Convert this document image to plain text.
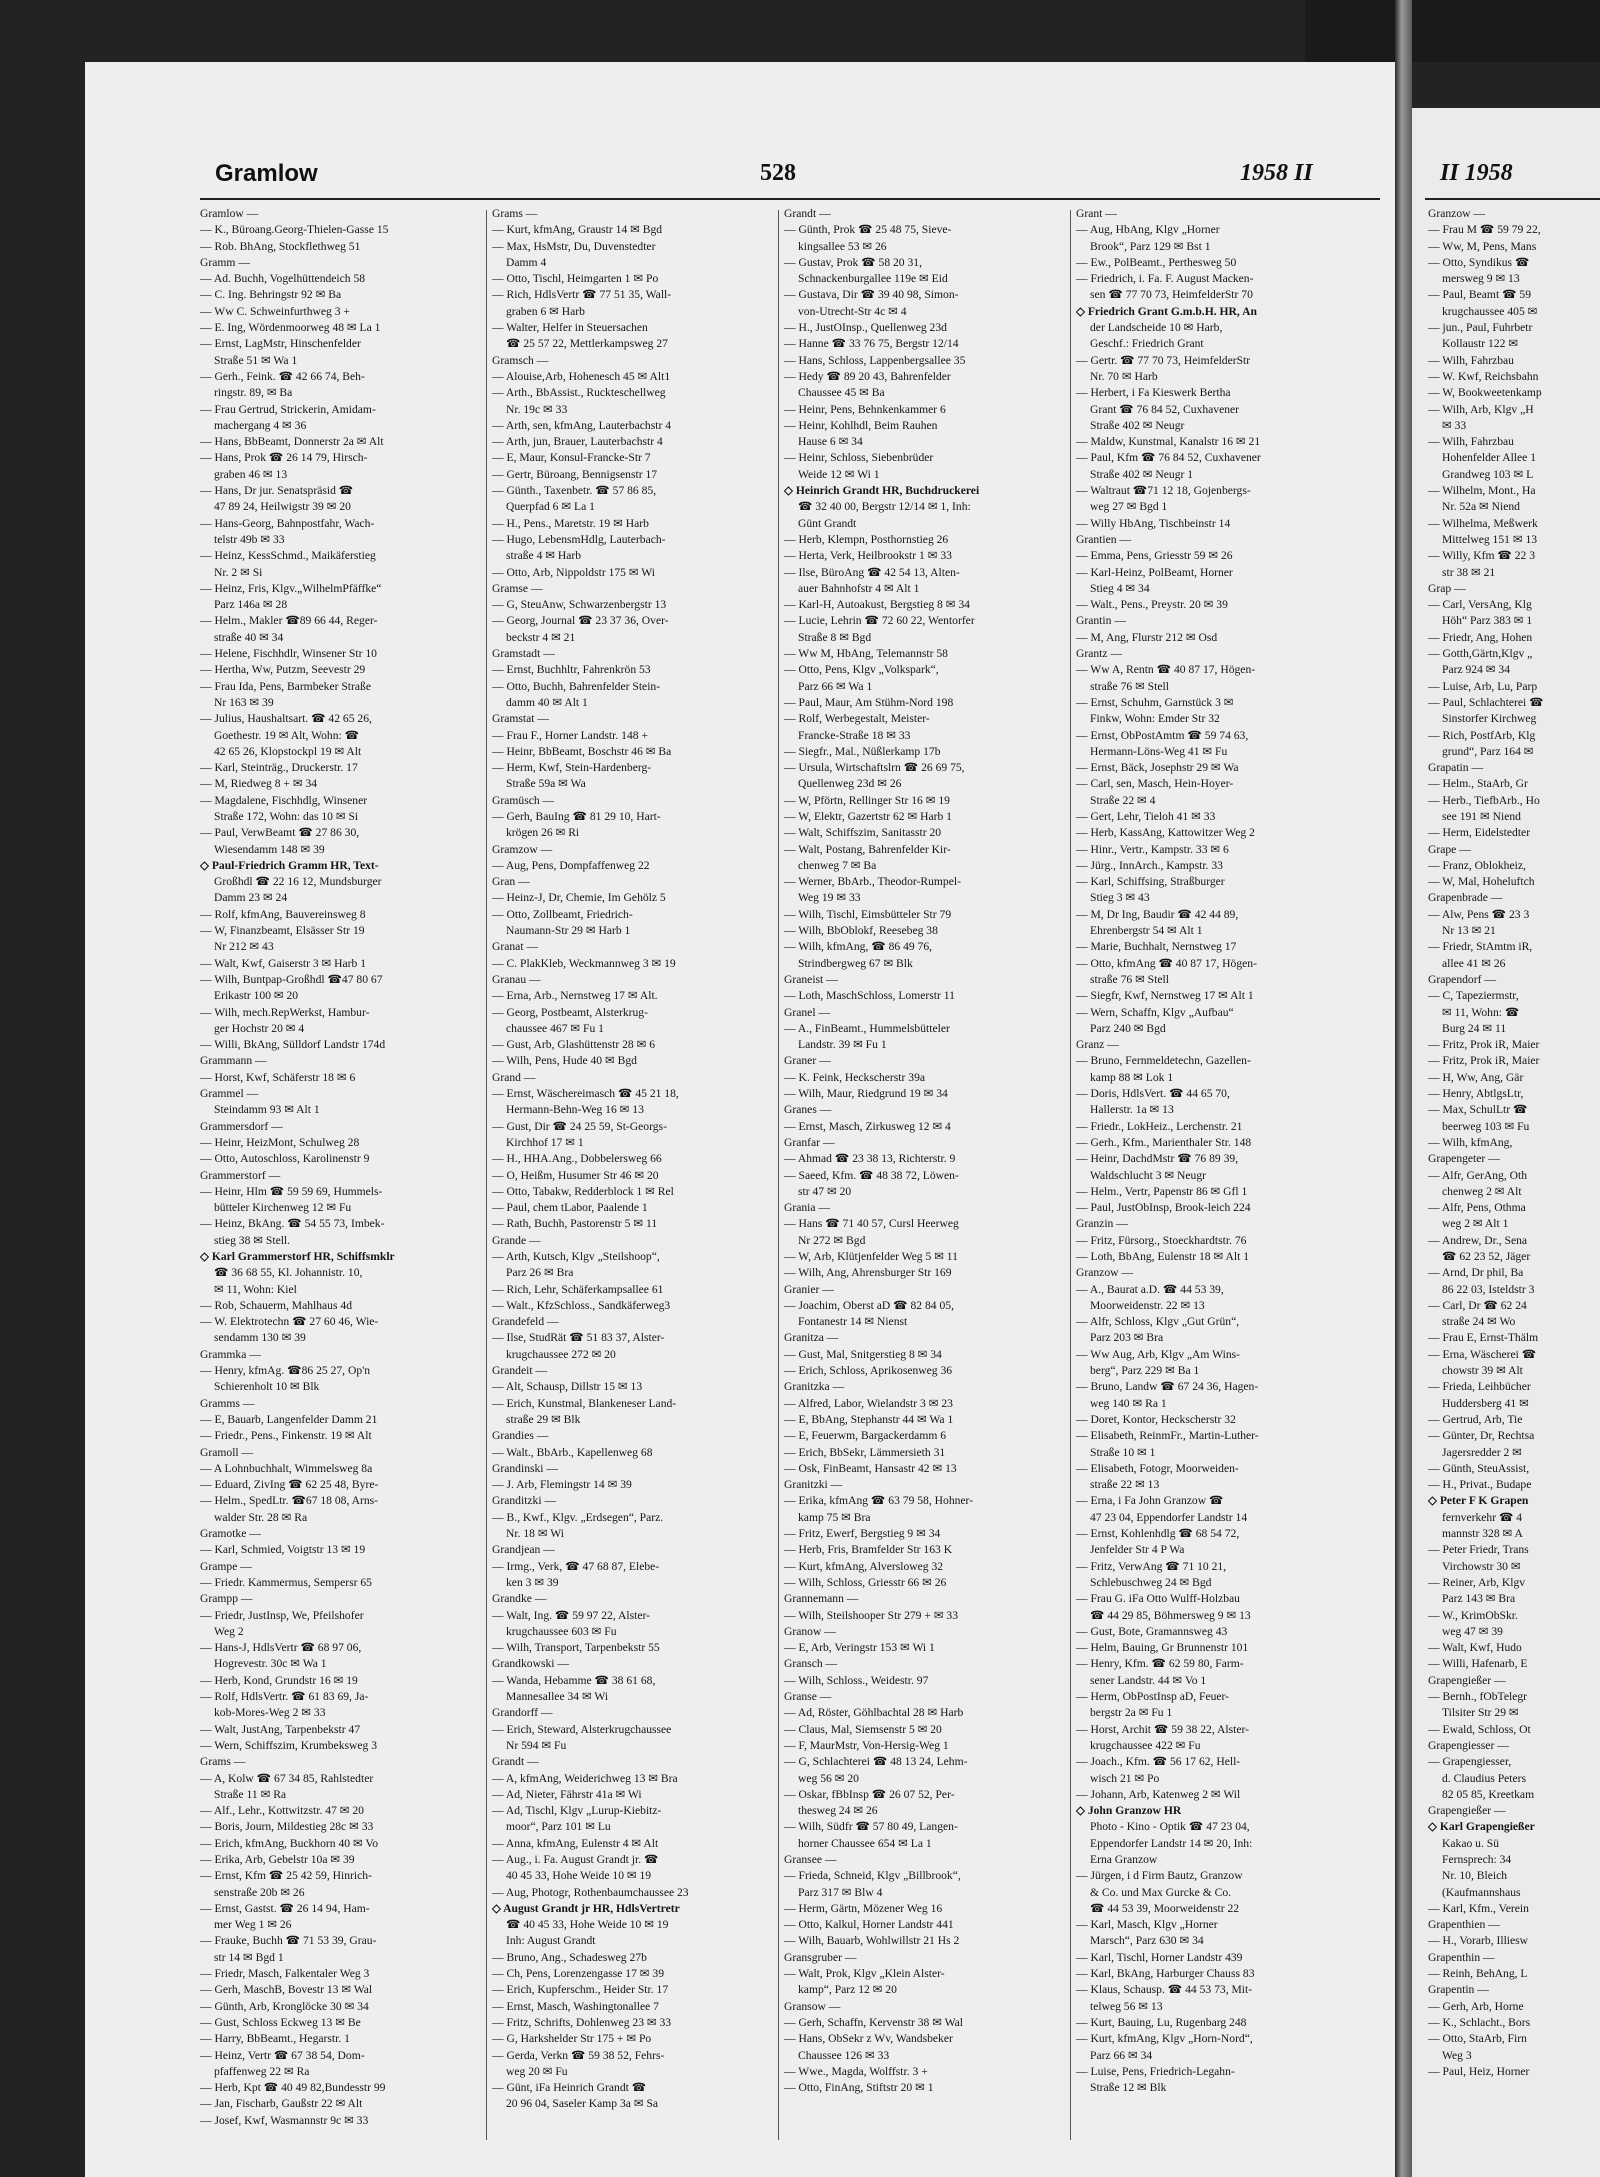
Gramlow	528	1958 II	II 1958
Gramlow —
— K., Büroang.Georg-Thielen-Gasse 15
— Rob. BhAng, Stockflethweg 51
Gramm —
— Ad. Buchh, Vogelhüttendeich 58
— C. Ing. Behringstr 92 ✉ Ba
— Ww C. Schweinfurthweg 3 +
— E. Ing, Wördenmoorweg 48 ✉ La 1
— Ernst, LagMstr, Hinschenfelder
Straße 51 ✉ Wa 1
— Gerh., Feink. ☎ 42 66 74, Beh-
ringstr. 89, ✉ Ba
— Frau Gertrud, Strickerin, Amidam-
machergang 4 ✉ 36
— Hans, BbBeamt, Donnerstr 2a ✉ Alt
— Hans, Prok ☎ 26 14 79, Hirsch-
graben 46 ✉ 13
— Hans, Dr jur. Senatspräsid ☎
47 89 24, Heilwigstr 39 ✉ 20
— Hans-Georg, Bahnpostfahr, Wach-
telstr 49b ✉ 33
— Heinz, KessSchmd., Maikäferstieg
Nr. 2 ✉ Si
— Heinz, Fris, Klgv.„WilhelmPfäffke“
Parz 146a ✉ 28
— Helm., Makler ☎89 66 44, Reger-
straße 40 ✉ 34
— Helene, Fischhdlr, Winsener Str 10
— Hertha, Ww, Putzm, Seevestr 29
— Frau Ida, Pens, Barmbeker Straße
Nr 163 ✉ 39
— Julius, Haushaltsart. ☎ 42 65 26,
Goethestr. 19 ✉ Alt, Wohn: ☎
42 65 26, Klopstockpl 19 ✉ Alt
— Karl, Steinträg., Druckerstr. 17
— M, Riedweg 8 + ✉ 34
— Magdalene, Fischhdlg, Winsener
Straße 172, Wohn: das 10 ✉ Si
— Paul, VerwBeamt ☎ 27 86 30,
Wiesendamm 148 ✉ 39
◇ Paul-Friedrich Gramm HR, Text-
Großhdl ☎ 22 16 12, Mundsburger
Damm 23 ✉ 24
— Rolf, kfmAng, Bauvereinsweg 8
— W, Finanzbeamt, Elsässer Str 19
Nr 212 ✉ 43
— Walt, Kwf, Gaiserstr 3 ✉ Harb 1
— Wilh, Buntpap-Großhdl ☎47 80 67
Erikastr 100 ✉ 20
— Wilh, mech.RepWerkst, Hambur-
ger Hochstr 20 ✉ 4
— Willi, BkAng, Sülldorf Landstr 174d
Grammann —
— Horst, Kwf, Schäferstr 18 ✉ 6
Grammel —
Steindamm 93 ✉ Alt 1
Grammersdorf —
— Heinr, HeizMont, Schulweg 28
— Otto, Autoschloss, Karolinenstr 9
Grammerstorf —
— Heinr, Hlm ☎ 59 59 69, Hummels-
bütteler Kirchenweg 12 ✉ Fu
— Heinz, BkAng. ☎ 54 55 73, Imbek-
stieg 38 ✉ Stell.
◇ Karl Grammerstorf HR, Schiffsmklr
☎ 36 68 55, Kl. Johannistr. 10,
✉ 11, Wohn: Kiel
— Rob, Schauerm, Mahlhaus 4d
— W. Elektrotechn ☎ 27 60 46, Wie-
sendamm 130 ✉ 39
Grammka —
— Henry, kfmAg. ☎86 25 27, Op'n
Schierenholt 10 ✉ Blk
Gramms —
— E, Bauarb, Langenfelder Damm 21
— Friedr., Pens., Finkenstr. 19 ✉ Alt
Gramoll —
— A Lohnbuchhalt, Wimmelsweg 8a
— Eduard, ZivIng ☎ 62 25 48, Byre-
— Helm., SpedLtr. ☎67 18 08, Arns-
walder Str. 28 ✉ Ra
Gramotke —
— Karl, Schmied, Voigtstr 13 ✉ 19
Grampe —
— Friedr. Kammermus, Sempersr 65
Grampp —
— Friedr, JustInsp, We, Pfeilshofer
Weg 2
— Hans-J, HdlsVertr ☎ 68 97 06,
Hogrevestr. 30c ✉ Wa 1
— Herb, Kond, Grundstr 16 ✉ 19
— Rolf, HdlsVertr. ☎ 61 83 69, Ja-
kob-Mores-Weg 2 ✉ 33
— Walt, JustAng, Tarpenbekstr 47
— Wern, Schiffszim, Krumbeksweg 3
Grams —
— A, Kolw ☎ 67 34 85, Rahlstedter
Straße 11 ✉ Ra
— Alf., Lehr., Kottwitzstr. 47 ✉ 20
— Boris, Journ, Mildestieg 28c ✉ 33
— Erich, kfmAng, Buckhorn 40 ✉ Vo
— Erika, Arb, Gebelstr 10a ✉ 39
— Ernst, Kfm ☎ 25 42 59, Hinrich-
senstraße 20b ✉ 26
— Ernst, Gastst. ☎ 26 14 94, Ham-
mer Weg 1 ✉ 26
— Frauke, Buchh ☎ 71 53 39, Grau-
str 14 ✉ Bgd 1
— Friedr, Masch, Falkentaler Weg 3
— Gerh, MaschB, Bovestr 13 ✉ Wal
— Günth, Arb, Kronglöcke 30 ✉ 34
— Gust, Schloss Eckweg 13 ✉ Be
— Harry, BbBeamt., Hegarstr. 1
— Heinz, Vertr ☎ 67 38 54, Dom-
pfaffenweg 22 ✉ Ra
— Herb, Kpt ☎ 40 49 82,Bundesstr 99
— Jan, Fischarb, Gaußstr 22 ✉ Alt
— Josef, Kwf, Wasmannstr 9c ✉ 33
Grams —
— Kurt, kfmAng, Graustr 14 ✉ Bgd
— Max, HsMstr, Du, Duvenstedter
Damm 4
— Otto, Tischl, Heimgarten 1 ✉ Po
— Rich, HdlsVertr ☎ 77 51 35, Wall-
graben 6 ✉ Harb
— Walter, Helfer in Steuersachen
☎ 25 57 22, Mettlerkampsweg 27
Gramsch —
— Alouise,Arb, Hohenesch 45 ✉ Alt1
— Arth., BbAssist., Ruckteschellweg
Nr. 19c ✉ 33
— Arth, sen, kfmAng, Lauterbachstr 4
— Arth, jun, Brauer, Lauterbachstr 4
— E, Maur, Konsul-Francke-Str 7
— Gertr, Büroang, Bennigsenstr 17
— Günth., Taxenbetr. ☎ 57 86 85,
Querpfad 6 ✉ La 1
— H., Pens., Maretstr. 19 ✉ Harb
— Hugo, LebensmHdlg, Lauterbach-
straße 4 ✉ Harb
— Otto, Arb, Nippoldstr 175 ✉ Wi
Gramse —
— G, SteuAnw, Schwarzenbergstr 13
— Georg, Journal ☎ 23 37 36, Over-
beckstr 4 ✉ 21
Gramstadt —
— Ernst, Buchhltr, Fahrenkrön 53
— Otto, Buchh, Bahrenfelder Stein-
damm 40 ✉ Alt 1
Gramstat —
— Frau F., Horner Landstr. 148 +
— Heinr, BbBeamt, Boschstr 46 ✉ Ba
— Herm, Kwf, Stein-Hardenberg-
Straße 59a ✉ Wa
Gramüsch —
— Gerh, BauIng ☎ 81 29 10, Hart-
krögen 26 ✉ Ri
Gramzow —
— Aug, Pens, Dompfaffenweg 22
Gran —
— Heinz-J, Dr, Chemie, Im Gehölz 5
— Otto, Zollbeamt, Friedrich-
Naumann-Str 29 ✉ Harb 1
Granat —
— C. PlakKleb, Weckmannweg 3 ✉ 19
Granau —
— Erna, Arb., Nernstweg 17 ✉ Alt.
— Georg, Postbeamt, Alsterkrug-
chaussee 467 ✉ Fu 1
— Gust, Arb, Glashüttenstr 28 ✉ 6
— Wilh, Pens, Hude 40 ✉ Bgd
Grand —
— Ernst, Wäschereimasch ☎ 45 21 18,
Hermann-Behn-Weg 16 ✉ 13
— Gust, Dir ☎ 24 25 59, St-Georgs-
Kirchhof 17 ✉ 1
— H., HHA.Ang., Dobbelersweg 66
— O, Heißm, Husumer Str 46 ✉ 20
— Otto, Tabakw, Redderblock 1 ✉ Rel
— Paul, chem tLabor, Paalende 1
— Rath, Buchh, Pastorenstr 5 ✉ 11
Grande —
— Arth, Kutsch, Klgv „Steilshoop“,
Parz 26 ✉ Bra
— Rich, Lehr, Schäferkampsallee 61
— Walt., KfzSchloss., Sandkäferweg3
Grandefeld —
— Ilse, StudRät ☎ 51 83 37, Alster-
krugchaussee 272 ✉ 20
Grandeit —
— Alt, Schausp, Dillstr 15 ✉ 13
— Erich, Kunstmal, Blankeneser Land-
straße 29 ✉ Blk
Grandies —
— Walt., BbArb., Kapellenweg 68
Grandinski —
— J. Arb, Flemingstr 14 ✉ 39
Granditzki —
— B., Kwf., Klgv. „Erdsegen“, Parz.
Nr. 18 ✉ Wi
Grandjean —
— Irmg., Verk, ☎ 47 68 87, Elebe-
ken 3 ✉ 39
Grandke —
— Walt, Ing. ☎ 59 97 22, Alster-
krugchaussee 603 ✉ Fu
— Wilh, Transport, Tarpenbekstr 55
Grandkowski —
— Wanda, Hebamme ☎ 38 61 68,
Mannesallee 34 ✉ Wi
Grandorff —
— Erich, Steward, Alsterkrugchaussee
Nr 594 ✉ Fu
Grandt —
— A, kfmAng, Weiderichweg 13 ✉ Bra
— Ad, Nieter, Fährstr 41a ✉ Wi
— Ad, Tischl, Klgv „Lurup-Kiebitz-
moor“, Parz 101 ✉ Lu
— Anna, kfmAng, Eulenstr 4 ✉ Alt
— Aug., i. Fa. August Grandt jr. ☎
40 45 33, Hohe Weide 10 ✉ 19
— Aug, Photogr, Rothenbaumchaussee 23
◇ August Grandt jr HR, HdlsVertretr
☎ 40 45 33, Hohe Weide 10 ✉ 19
Inh: August Grandt
— Bruno, Ang., Schadesweg 27b
— Ch, Pens, Lorenzengasse 17 ✉ 39
— Erich, Kupferschm., Heider Str. 17
— Ernst, Masch, Washingtonallee 7
— Fritz, Schrifts, Dohlenweg 23 ✉ 33
— G, Harkshelder Str 175 + ✉ Po
— Gerda, Verkn ☎ 59 38 52, Fehrs-
weg 20 ✉ Fu
— Günt, iFa Heinrich Grandt ☎
20 96 04, Saseler Kamp 3a ✉ Sa
Grandt —
— Günth, Prok ☎ 25 48 75, Sieve-
kingsallee 53 ✉ 26
— Gustav, Prok ☎ 58 20 31,
Schnackenburgallee 119e ✉ Eid
— Gustava, Dir ☎ 39 40 98, Simon-
von-Utrecht-Str 4c ✉ 4
— H., JustOInsp., Quellenweg 23d
— Hanne ☎ 33 76 75, Bergstr 12/14
— Hans, Schloss, Lappenbergsallee 35
— Hedy ☎ 89 20 43, Bahrenfelder
Chaussee 45 ✉ Ba
— Heinr, Pens, Behnkenkammer 6
— Heinr, Kohlhdl, Beim Rauhen
Hause 6 ✉ 34
— Heinr, Schloss, Siebenbrüder
Weide 12 ✉ Wi 1
◇ Heinrich Grandt HR, Buchdruckerei
☎ 32 40 00, Bergstr 12/14 ✉ 1, Inh:
Günt Grandt
— Herb, Klempn, Posthornstieg 26
— Herta, Verk, Heilbrookstr 1 ✉ 33
— Ilse, BüroAng ☎ 42 54 13, Alten-
auer Bahnhofstr 4 ✉ Alt 1
— Karl-H, Autoakust, Bergstieg 8 ✉ 34
— Lucie, Lehrin ☎ 72 60 22, Wentorfer
Straße 8 ✉ Bgd
— Ww M, HbAng, Telemannstr 58
— Otto, Pens, Klgv „Volkspark“,
Parz 66 ✉ Wa 1
— Paul, Maur, Am Stühm-Nord 198
— Rolf, Werbegestalt, Meister-
Francke-Straße 18 ✉ 33
— Siegfr., Mal., Nüßlerkamp 17b
— Ursula, Wirtschaftslrn ☎ 26 69 75,
Quellenweg 23d ✉ 26
— W, Pförtn, Rellinger Str 16 ✉ 19
— W, Elektr, Gazertstr 62 ✉ Harb 1
— Walt, Schiffszim, Sanitasstr 20
— Walt, Postang, Bahrenfelder Kir-
chenweg 7 ✉ Ba
— Werner, BbArb., Theodor-Rumpel-
Weg 19 ✉ 33
— Wilh, Tischl, Eimsbütteler Str 79
— Wilh, BbOblokf, Reesebeg 38
— Wilh, kfmAng, ☎ 86 49 76,
Strindbergweg 67 ✉ Blk
Graneist —
— Loth, MaschSchloss, Lomerstr 11
Granel —
— A., FinBeamt., Hummelsbütteler
Landstr. 39 ✉ Fu 1
Graner —
— K. Feink, Heckscherstr 39a
— Wilh, Maur, Riedgrund 19 ✉ 34
Granes —
— Ernst, Masch, Zirkusweg 12 ✉ 4
Granfar —
— Ahmad ☎ 23 38 13, Richterstr. 9
— Saeed, Kfm. ☎ 48 38 72, Löwen-
str 47 ✉ 20
Grania —
— Hans ☎ 71 40 57, Cursl Heerweg
Nr 272 ✉ Bgd
— W, Arb, Klütjenfelder Weg 5 ✉ 11
— Wilh, Ang, Ahrensburger Str 169
Granier —
— Joachim, Oberst aD ☎ 82 84 05,
Fontanestr 14 ✉ Nienst
Granitza —
— Gust, Mal, Snitgerstieg 8 ✉ 34
— Erich, Schloss, Aprikosenweg 36
Granitzka —
— Alfred, Labor, Wielandstr 3 ✉ 23
— E, BbAng, Stephanstr 44 ✉ Wa 1
— E, Feuerwm, Bargackerdamm 6
— Erich, BbSekr, Lämmersieth 31
— Osk, FinBeamt, Hansastr 42 ✉ 13
Granitzki —
— Erika, kfmAng ☎ 63 79 58, Hohner-
kamp 75 ✉ Bra
— Fritz, Ewerf, Bergstieg 9 ✉ 34
— Herb, Fris, Bramfelder Str 163 K
— Kurt, kfmAng, Alversloweg 32
— Wilh, Schloss, Griesstr 66 ✉ 26
Grannemann —
— Wilh, Steilshooper Str 279 + ✉ 33
Granow —
— E, Arb, Veringstr 153 ✉ Wi 1
Gransch —
— Wilh, Schloss., Weidestr. 97
Granse —
— Ad, Röster, Göhlbachtal 28 ✉ Harb
— Claus, Mal, Siemsenstr 5 ✉ 20
— F, MaurMstr, Von-Hersig-Weg 1
— G, Schlachterei ☎ 48 13 24, Lehm-
weg 56 ✉ 20
— Oskar, fBbInsp ☎ 26 07 52, Per-
thesweg 24 ✉ 26
— Wilh, Südfr ☎ 57 80 49, Langen-
horner Chaussee 654 ✉ La 1
Gransee —
— Frieda, Schneid, Klgv „Billbrook“,
Parz 317 ✉ Blw 4
— Herm, Gärtn, Mözener Weg 16
— Otto, Kalkul, Horner Landstr 441
— Wilh, Bauarb, Wohlwillstr 21 Hs 2
Gransgruber —
— Walt, Prok, Klgv „Klein Alster-
kamp“, Parz 12 ✉ 20
Gransow —
— Gerh, Schaffn, Kervenstr 38 ✉ Wal
— Hans, ObSekr z Wv, Wandsbeker
Chaussee 126 ✉ 33
— Wwe., Magda, Wolffstr. 3 +
— Otto, FinAng, Stiftstr 20 ✉ 1
Grant —
— Aug, HbAng, Klgv „Horner
Brook“, Parz 129 ✉ Bst 1
— Ew., PolBeamt., Perthesweg 50
— Friedrich, i. Fa. F. August Macken-
sen ☎ 77 70 73, HeimfelderStr 70
◇ Friedrich Grant G.m.b.H. HR, An
der Landscheide 10 ✉ Harb,
Geschf.: Friedrich Grant
— Gertr. ☎ 77 70 73, HeimfelderStr
Nr. 70 ✉ Harb
— Herbert, i Fa Kieswerk Bertha
Grant ☎ 76 84 52, Cuxhavener
Straße 402 ✉ Neugr
— Maldw, Kunstmal, Kanalstr 16 ✉ 21
— Paul, Kfm ☎ 76 84 52, Cuxhavener
Straße 402 ✉ Neugr 1
— Waltraut ☎71 12 18, Gojenbergs-
weg 27 ✉ Bgd 1
— Willy HbAng, Tischbeinstr 14
Grantien —
— Emma, Pens, Griesstr 59 ✉ 26
— Karl-Heinz, PolBeamt, Horner
Stieg 4 ✉ 34
— Walt., Pens., Preystr. 20 ✉ 39
Grantin —
— M, Ang, Flurstr 212 ✉ Osd
Grantz —
— Ww A, Rentn ☎ 40 87 17, Högen-
straße 76 ✉ Stell
— Ernst, Schuhm, Garnstück 3 ✉
Finkw, Wohn: Emder Str 32
— Ernst, ObPostAmtm ☎ 59 74 63,
Hermann-Löns-Weg 41 ✉ Fu
— Ernst, Bäck, Josephstr 29 ✉ Wa
— Carl, sen, Masch, Hein-Hoyer-
Straße 22 ✉ 4
— Gert, Lehr, Tieloh 41 ✉ 33
— Herb, KassAng, Kattowitzer Weg 2
— Hinr., Vertr., Kampstr. 33 ✉ 6
— Jürg., InnArch., Kampstr. 33
— Karl, Schiffsing, Straßburger
Stieg 3 ✉ 43
— M, Dr Ing, Baudir ☎ 42 44 89,
Ehrenbergstr 54 ✉ Alt 1
— Marie, Buchhalt, Nernstweg 17
— Otto, kfmAng ☎ 40 87 17, Högen-
straße 76 ✉ Stell
— Siegfr, Kwf, Nernstweg 17 ✉ Alt 1
— Wern, Schaffn, Klgv „Aufbau“
Parz 240 ✉ Bgd
Granz —
— Bruno, Fernmeldetechn, Gazellen-
kamp 88 ✉ Lok 1
— Doris, HdlsVert. ☎ 44 65 70,
Hallerstr. 1a ✉ 13
— Friedr., LokHeiz., Lerchenstr. 21
— Gerh., Kfm., Marienthaler Str. 148
— Heinr, DachdMstr ☎ 76 89 39,
Waldschlucht 3 ✉ Neugr
— Helm., Vertr, Papenstr 86 ✉ Gfl 1
— Paul, JustObInsp, Brook-leich 224
Granzin —
— Fritz, Fürsorg., Stoeckhardtstr. 76
— Loth, BbAng, Eulenstr 18 ✉ Alt 1
Granzow —
— A., Baurat a.D. ☎ 44 53 39,
Moorweidenstr. 22 ✉ 13
— Alfr, Schloss, Klgv „Gut Grün“,
Parz 203 ✉ Bra
— Ww Aug, Arb, Klgv „Am Wins-
berg“, Parz 229 ✉ Ba 1
— Bruno, Landw ☎ 67 24 36, Hagen-
weg 140 ✉ Ra 1
— Doret, Kontor, Heckscherstr 32
— Elisabeth, ReinmFr., Martin-Luther-
Straße 10 ✉ 1
— Elisabeth, Fotogr, Moorweiden-
straße 22 ✉ 13
— Erna, i Fa John Granzow ☎
47 23 04, Eppendorfer Landstr 14
— Ernst, Kohlenhdlg ☎ 68 54 72,
Jenfelder Str 4 P Wa
— Fritz, VerwAng ☎ 71 10 21,
Schlebuschweg 24 ✉ Bgd
— Frau G. iFa Otto Wulff-Holzbau
☎ 44 29 85, Böhmersweg 9 ✉ 13
— Gust, Bote, Gramannsweg 43
— Helm, Bauing, Gr Brunnenstr 101
— Henry, Kfm. ☎ 62 59 80, Farm-
sener Landstr. 44 ✉ Vo 1
— Herm, ObPostInsp aD, Feuer-
bergstr 2a ✉ Fu 1
— Horst, Archit ☎ 59 38 22, Alster-
krugchaussee 422 ✉ Fu
— Joach., Kfm. ☎ 56 17 62, Hell-
wisch 21 ✉ Po
— Johann, Arb, Katenweg 2 ✉ Wil
◇ John Granzow HR
Photo - Kino - Optik ☎ 47 23 04,
Eppendorfer Landstr 14 ✉ 20, Inh:
Erna Granzow
— Jürgen, i d Firm Bautz, Granzow
& Co. und Max Gurcke & Co.
☎ 44 53 39, Moorweidenstr 22
— Karl, Masch, Klgv „Horner
Marsch“, Parz 630 ✉ 34
— Karl, Tischl, Horner Landstr 439
— Karl, BkAng, Harburger Chauss 83
— Klaus, Schausp. ☎ 44 53 73, Mit-
telweg 56 ✉ 13
— Kurt, Bauing, Lu, Rugenbarg 248
— Kurt, kfmAng, Klgv „Horn-Nord“,
Parz 66 ✉ 34
— Luise, Pens, Friedrich-Legahn-
Straße 12 ✉ Blk
Granzow —
— Frau M ☎ 59 79 22,
— Ww, M, Pens, Mans
— Otto, Syndikus ☎
mersweg 9 ✉ 13
— Paul, Beamt ☎ 59
krugchaussee 405 ✉
— jun., Paul, Fuhrbetr
Kollaustr 122 ✉
— Wilh, Fahrzbau
— W. Kwf, Reichsbahn
— W, Bookweetenkamp
— Wilh, Arb, Klgv „H
✉ 33
— Wilh, Fahrzbau
Hohenfelder Allee 1
Grandweg 103 ✉ L
— Wilhelm, Mont., Ha
Nr. 52a ✉ Niend
— Wilhelma, Meßwerk
Mittelweg 151 ✉ 13
— Willy, Kfm ☎ 22 3
str 38 ✉ 21
Grap —
— Carl, VersAng, Klg
Höh“ Parz 383 ✉ 1
— Friedr, Ang, Hohen
— Gotth,Gärtn,Klgv „
Parz 924 ✉ 34
— Luise, Arb, Lu, Parp
— Paul, Schlachterei ☎
Sinstorfer Kirchweg
— Rich, PostfArb, Klg
grund“, Parz 164 ✉
Grapatin —
— Helm., StaArb, Gr
— Herb., TiefbArb., Ho
see 191 ✉ Niend
— Herm, Eidelstedter
Grape —
— Franz, Oblokheiz,
— W, Mal, Hoheluftch
Grapenbrade —
— Alw, Pens ☎ 23 3
Nr 13 ✉ 21
— Friedr, StAmtm iR,
allee 41 ✉ 26
Grapendorf —
— C, Tapeziermstr,
✉ 11, Wohn: ☎
Burg 24 ✉ 11
— Fritz, Prok iR, Maier
— Fritz, Prok iR, Maier
— H, Ww, Ang, Gär
— Henry, AbtlgsLtr,
— Max, SchulLtr ☎
beerweg 103 ✉ Fu
— Wilh, kfmAng,
Grapengeter —
— Alfr, GerAng, Oth
chenweg 2 ✉ Alt
— Alfr, Pens, Othma
weg 2 ✉ Alt 1
— Andrew, Dr., Sena
☎ 62 23 52, Jäger
— Arnd, Dr phil, Ba
86 22 03, Isteldstr 3
— Carl, Dr ☎ 62 24
straße 24 ✉ Wo
— Frau E, Ernst-Thälm
— Erna, Wäscherei ☎
chowstr 39 ✉ Alt
— Frieda, Leihbücher
Huddersberg 41 ✉
— Gertrud, Arb, Tie
— Günter, Dr, Rechtsa
Jagersredder 2 ✉
— Günth, SteuAssist,
— H., Privat., Budape
◇ Peter F K Grapen
fernverkehr ☎ 4
mannstr 328 ✉ A
— Peter Friedr, Trans
Virchowstr 30 ✉
— Reiner, Arb, Klgv
Parz 143 ✉ Bra
— W., KrimObSkr.
weg 47 ✉ 39
— Walt, Kwf, Hudo
— Willi, Hafenarb, E
Grapengießer —
— Bernh., fObTelegr
Tilsiter Str 29 ✉
— Ewald, Schloss, Ot
Grapengiesser —
— Grapengiesser,
d. Claudius Peters
82 05 85, Kreetkam
Grapengießer —
◇ Karl Grapengießer
Kakao u. Sü
Fernsprech: 34
Nr. 10, Bleich
(Kaufmannshaus
— Karl, Kfm., Verein
Grapenthien —
— H., Vorarb, Illiesw
Grapenthin —
— Reinh, BehAng, L
Grapentin —
— Gerh, Arb, Horne
— K., Schlacht., Bors
— Otto, StaArb, Firn
Weg 3
— Paul, Heiz, Horner
